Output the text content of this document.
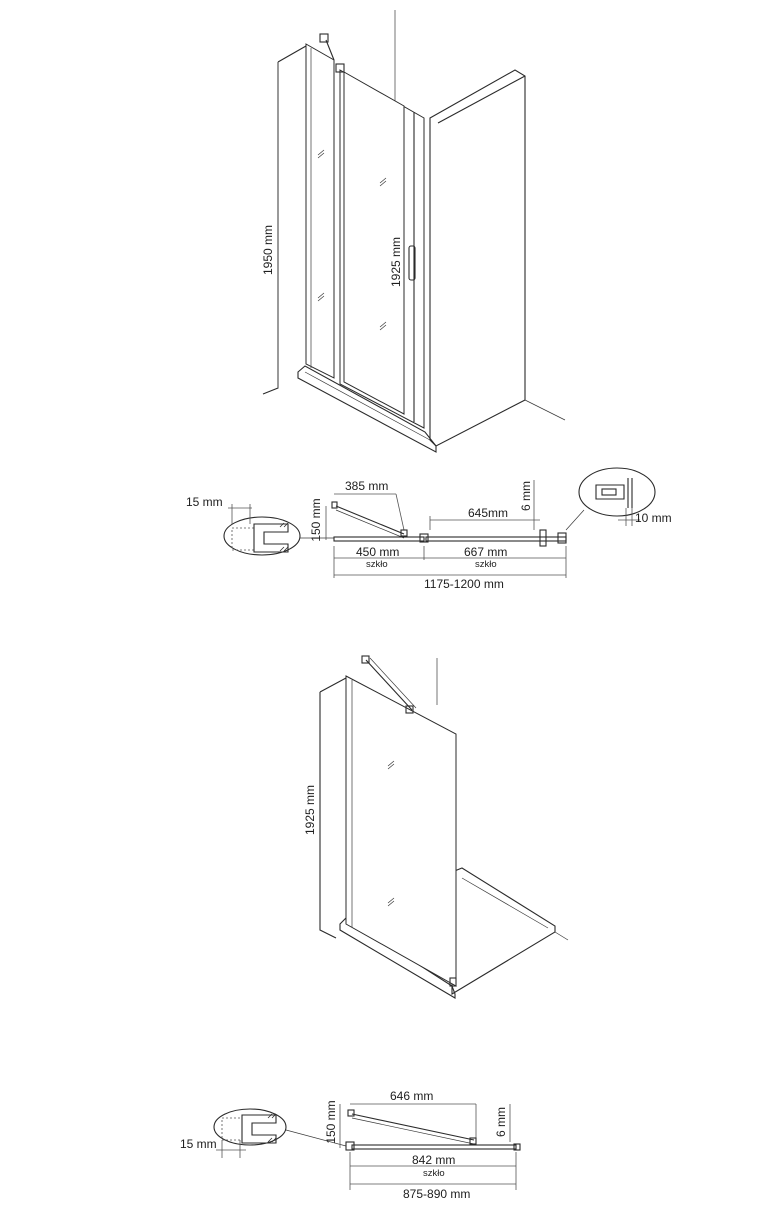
1950 mm	1925 mm
15 mm	150 mm
385 mm
645mm
6 mm
10 mm
450 mm
szkło
667 mm
szkło
1175-1200 mm
1925 mm
15 mm
150 mm
646 mm
6 mm
842 mm
szkło
875-890 mm
